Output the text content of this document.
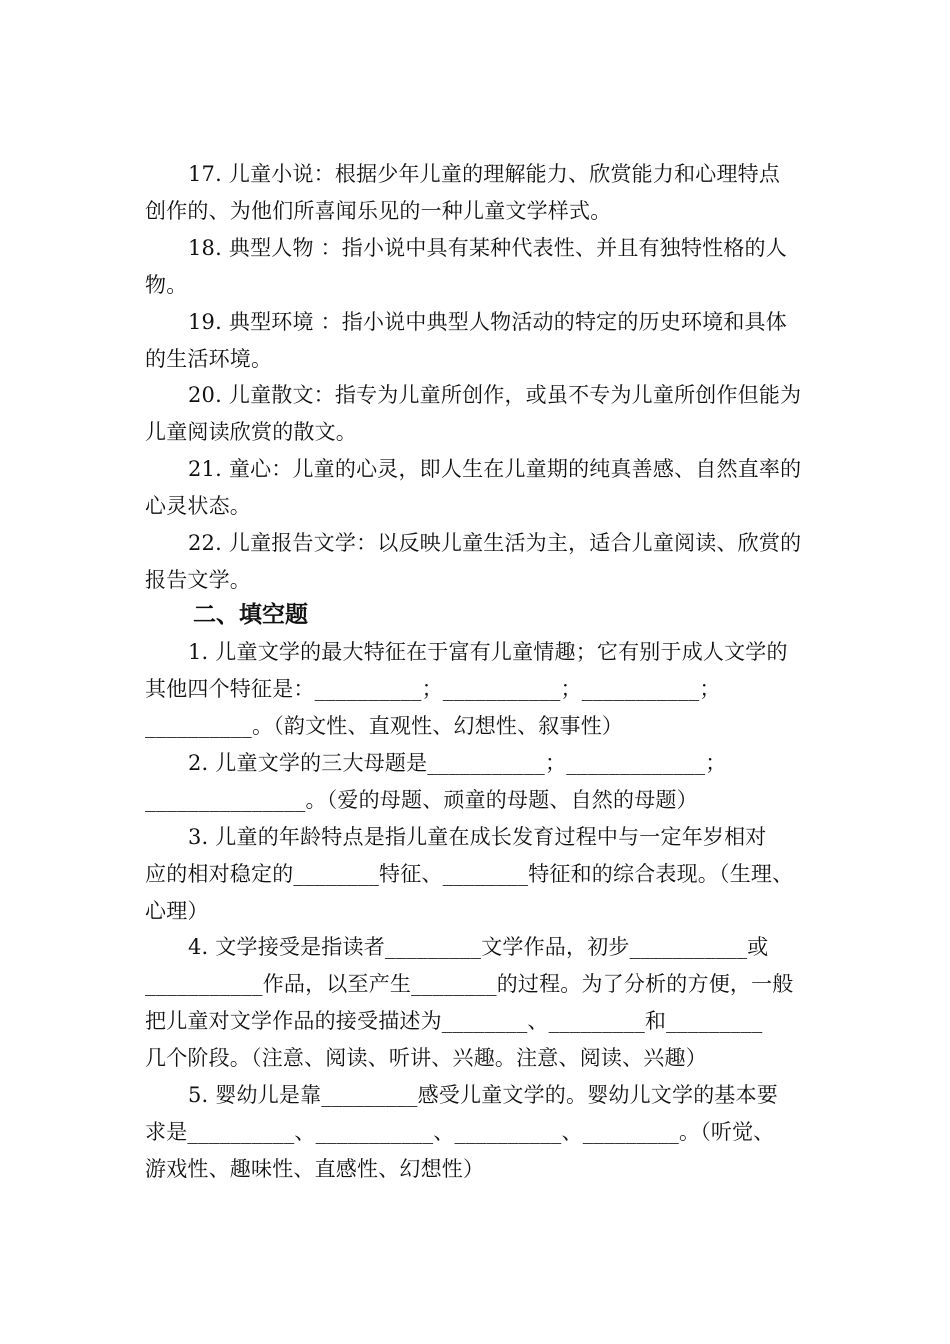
17. 儿童小说：根据少年儿童的理解能力、欣赏能力和心理特点
创作的、为他们所喜闻乐见的一种儿童文学样式。
18. 典型人物 ：指小说中具有某种代表性、并且有独特性格的人
物。
19. 典型环境 ：指小说中典型人物活动的特定的历史环境和具体
的生活环境。
20. 儿童散文：指专为儿童所创作，或虽不专为儿童所创作但能为
儿童阅读欣赏的散文。
21. 童心：儿童的心灵，即人生在儿童期的纯真善感、自然直率的
心灵状态。
22. 儿童报告文学：以反映儿童生活为主，适合儿童阅读、欣赏的
报告文学。
二、填空题
1. 儿童文学的最大特征在于富有儿童情趣；它有别于成人文学的
其他四个特征是：__________；___________；___________；
__________。（韵文性、直观性、幻想性、叙事性）
2. 儿童文学的三大母题是___________；_____________；
_______________。（爱的母题、顽童的母题、自然的母题）
3. 儿童的年龄特点是指儿童在成长发育过程中与一定年岁相对
应的相对稳定的________特征、________特征和的综合表现。（生理、
心理）
4. 文学接受是指读者_________文学作品，初步___________或
___________作品，以至产生________的过程。为了分析的方便，一般
把儿童对文学作品的接受描述为________、_________和_________
几个阶段。（注意、阅读、听讲、兴趣。注意、阅读、兴趣）
5. 婴幼儿是靠_________感受儿童文学的。婴幼儿文学的基本要
求是__________、___________、__________、_________。（听觉、
游戏性、趣味性、直感性、幻想性）
